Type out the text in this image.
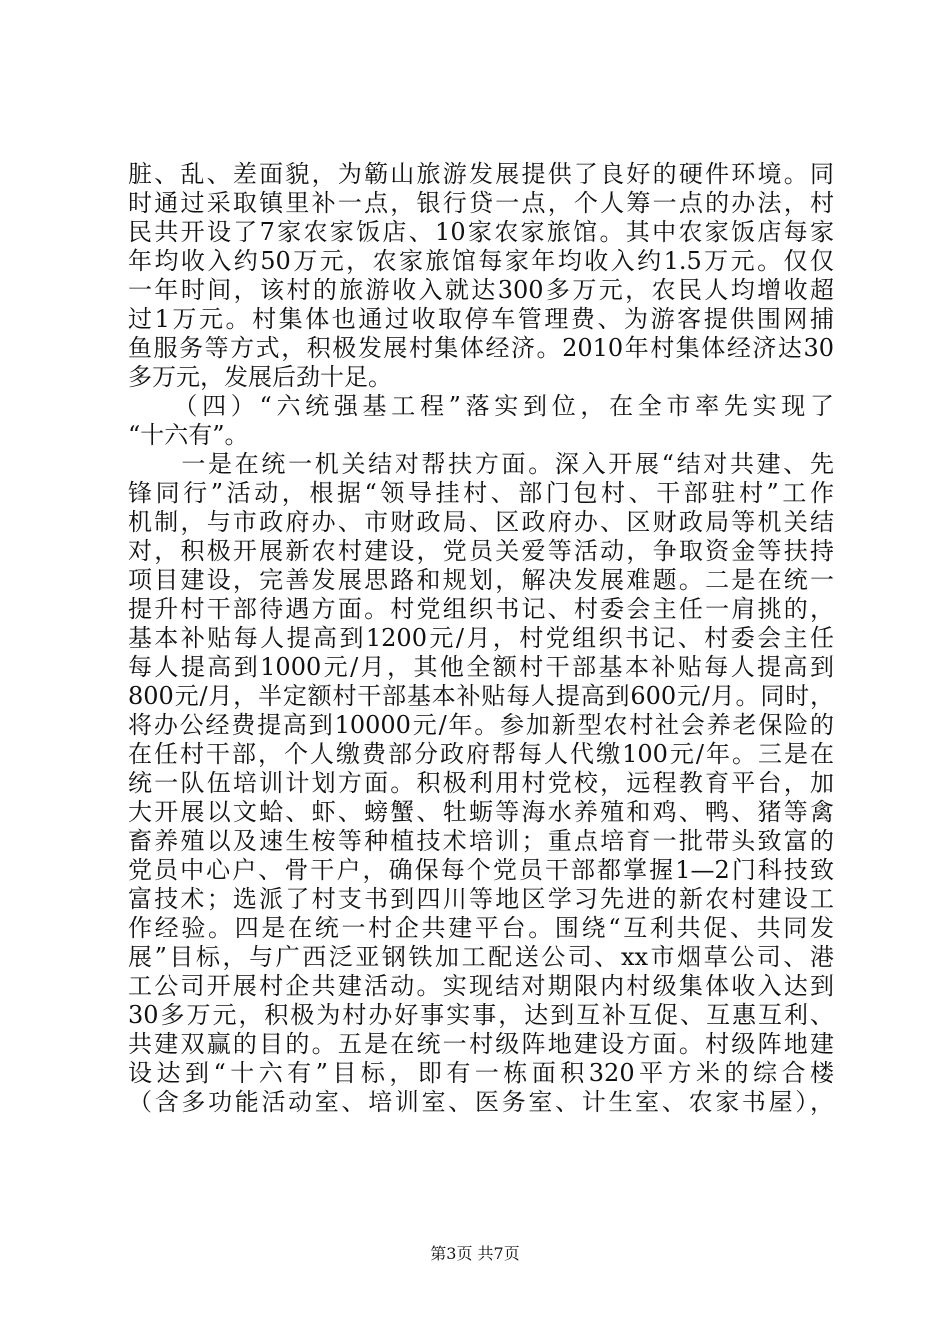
脏、乱、差面貌，为簕山旅游发展提供了良好的硬件环境。同
时通过采取镇里补一点，银行贷一点，个人筹一点的办法，村
民共开设了7家农家饭店、10家农家旅馆。其中农家饭店每家
年均收入约50万元，农家旅馆每家年均收入约1.5万元。仅仅
一年时间，该村的旅游收入就达300多万元，农民人均增收超
过1万元。村集体也通过收取停车管理费、为游客提供围网捕
鱼服务等方式，积极发展村集体经济。2010年村集体经济达30
多万元，发展后劲十足。
　　（四）“六统强基工程”落实到位，在全市率先实现了
“十六有”。
　　一是在统一机关结对帮扶方面。深入开展“结对共建、先
锋同行”活动，根据“领导挂村、部门包村、干部驻村”工作
机制，与市政府办、市财政局、区政府办、区财政局等机关结
对，积极开展新农村建设，党员关爱等活动，争取资金等扶持
项目建设，完善发展思路和规划，解决发展难题。二是在统一
提升村干部待遇方面。村党组织书记、村委会主任一肩挑的，
基本补贴每人提高到1200元/月，村党组织书记、村委会主任
每人提高到1000元/月，其他全额村干部基本补贴每人提高到
800元/月，半定额村干部基本补贴每人提高到600元/月。同时，
将办公经费提高到10000元/年。参加新型农村社会养老保险的
在任村干部，个人缴费部分政府帮每人代缴100元/年。三是在
统一队伍培训计划方面。积极利用村党校，远程教育平台，加
大开展以文蛤、虾、螃蟹、牡蛎等海水养殖和鸡、鸭、猪等禽
畜养殖以及速生桉等种植技术培训；重点培育一批带头致富的
党员中心户、骨干户，确保每个党员干部都掌握1—2门科技致
富技术；选派了村支书到四川等地区学习先进的新农村建设工
作经验。四是在统一村企共建平台。围绕“互利共促、共同发
展”目标，与广西泛亚钢铁加工配送公司、xx市烟草公司、港
工公司开展村企共建活动。实现结对期限内村级集体收入达到
30多万元，积极为村办好事实事，达到互补互促、互惠互利、
共建双赢的目的。五是在统一村级阵地建设方面。村级阵地建
设达到“十六有”目标，即有一栋面积320平方米的综合楼
（含多功能活动室、培训室、医务室、计生室、农家书屋），
第3页 共7页
